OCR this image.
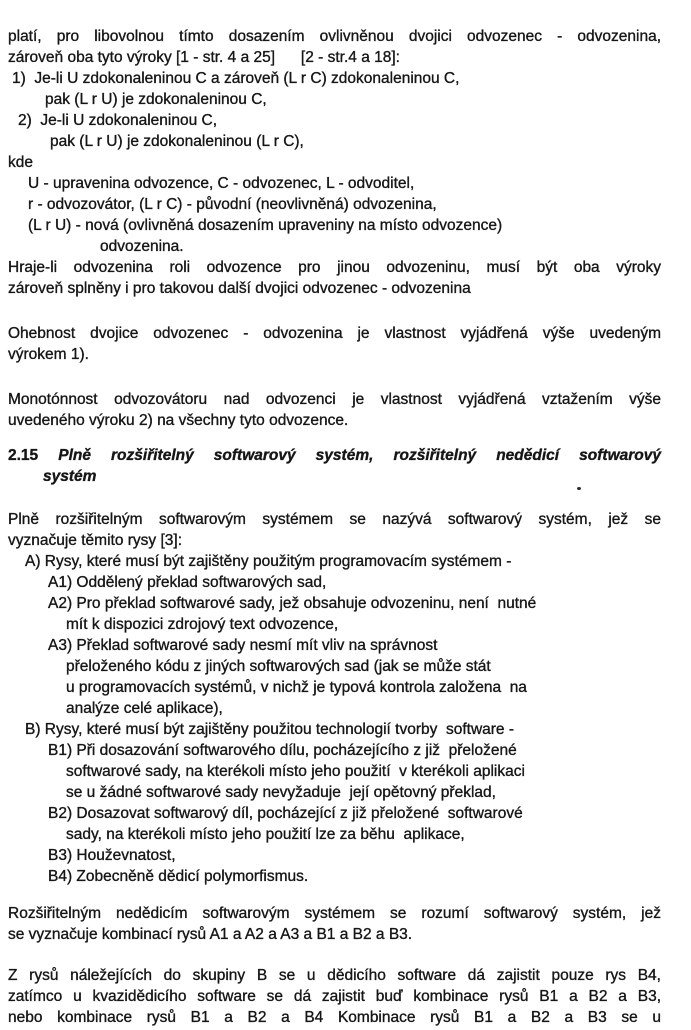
platí, pro libovolnou tímto dosazením ovlivněnou dvojici odvozenec - odvozenina,
zároveň oba tyto výroky [1 - str. 4 a 25]      [2 - str.4 a 18]:
1)  Je-li U zdokonaleninou C a zároveň (L r C) zdokonaleninou C,
pak (L r U) je zdokonaleninou C,
2)  Je-li U zdokonaleninou C,
pak (L r U) je zdokonaleninou (L r C),
kde
U - upravenina odvozence, C - odvozenec, L - odvoditel,
r - odvozovátor, (L r C) - původní (neovlivněná) odvozenina,
(L r U) - nová (ovlivněná dosazením upraveniny na místo odvozence)
odvozenina.
Hraje-li odvozenina roli odvozence pro jinou odvozeninu, musí být oba výroky
zároveň splněny i pro takovou další dvojici odvozenec - odvozenina
Ohebnost dvojice odvozenec - odvozenina je vlastnost vyjádřená výše uvedeným
výrokem 1).
Monotónnost odvozovátoru nad odvozenci je vlastnost vyjádřená vztažením výše
uvedeného výroku 2) na všechny tyto odvozence.
2.15 Plně rozšiřitelný softwarový systém, rozšiřitelný nedědicí softwarový
systém
Plně rozšiřitelným softwarovým systémem se nazývá softwarový systém, jež se
vyznačuje těmito rysy [3]:
A) Rysy, které musí být zajištěny použitým programovacím systémem -
A1) Oddělený překlad softwarových sad,
A2) Pro překlad softwarové sady, jež obsahuje odvozeninu, není  nutné
mít k dispozici zdrojový text odvozence,
A3) Překlad softwarové sady nesmí mít vliv na správnost
přeloženého kódu z jiných softwarových sad (jak se může stát
u programovacích systémů, v nichž je typová kontrola založena  na
analýze celé aplikace),
B) Rysy, které musí být zajištěny použitou technologií tvorby  software -
B1) Při dosazování softwarového dílu, pocházejícího z již  přeložené
softwarové sady, na kterékoli místo jeho použití  v kterékoli aplikaci
se u žádné softwarové sady nevyžaduje  její opětovný překlad,
B2) Dosazovat softwarový díl, pocházející z již přeložené  softwarové
sady, na kterékoli místo jeho použití lze za běhu  aplikace,
B3) Houževnatost,
B4) Zobecněně dědicí polymorfismus.
Rozšiřitelným nedědicím softwarovým systémem se rozumí softwarový systém, jež
se vyznačuje kombinací rysů A1 a A2 a A3 a B1 a B2 a B3.
Z rysů náležejících do skupiny B se u dědicího software dá zajistit pouze rys B4,
zatímco u kvazidědicího software se dá zajistit buď kombinace rysů B1 a B2 a B3,
nebo kombinace rysů B1 a B2 a B4 Kombinace rysů B1 a B2 a B3 se u
